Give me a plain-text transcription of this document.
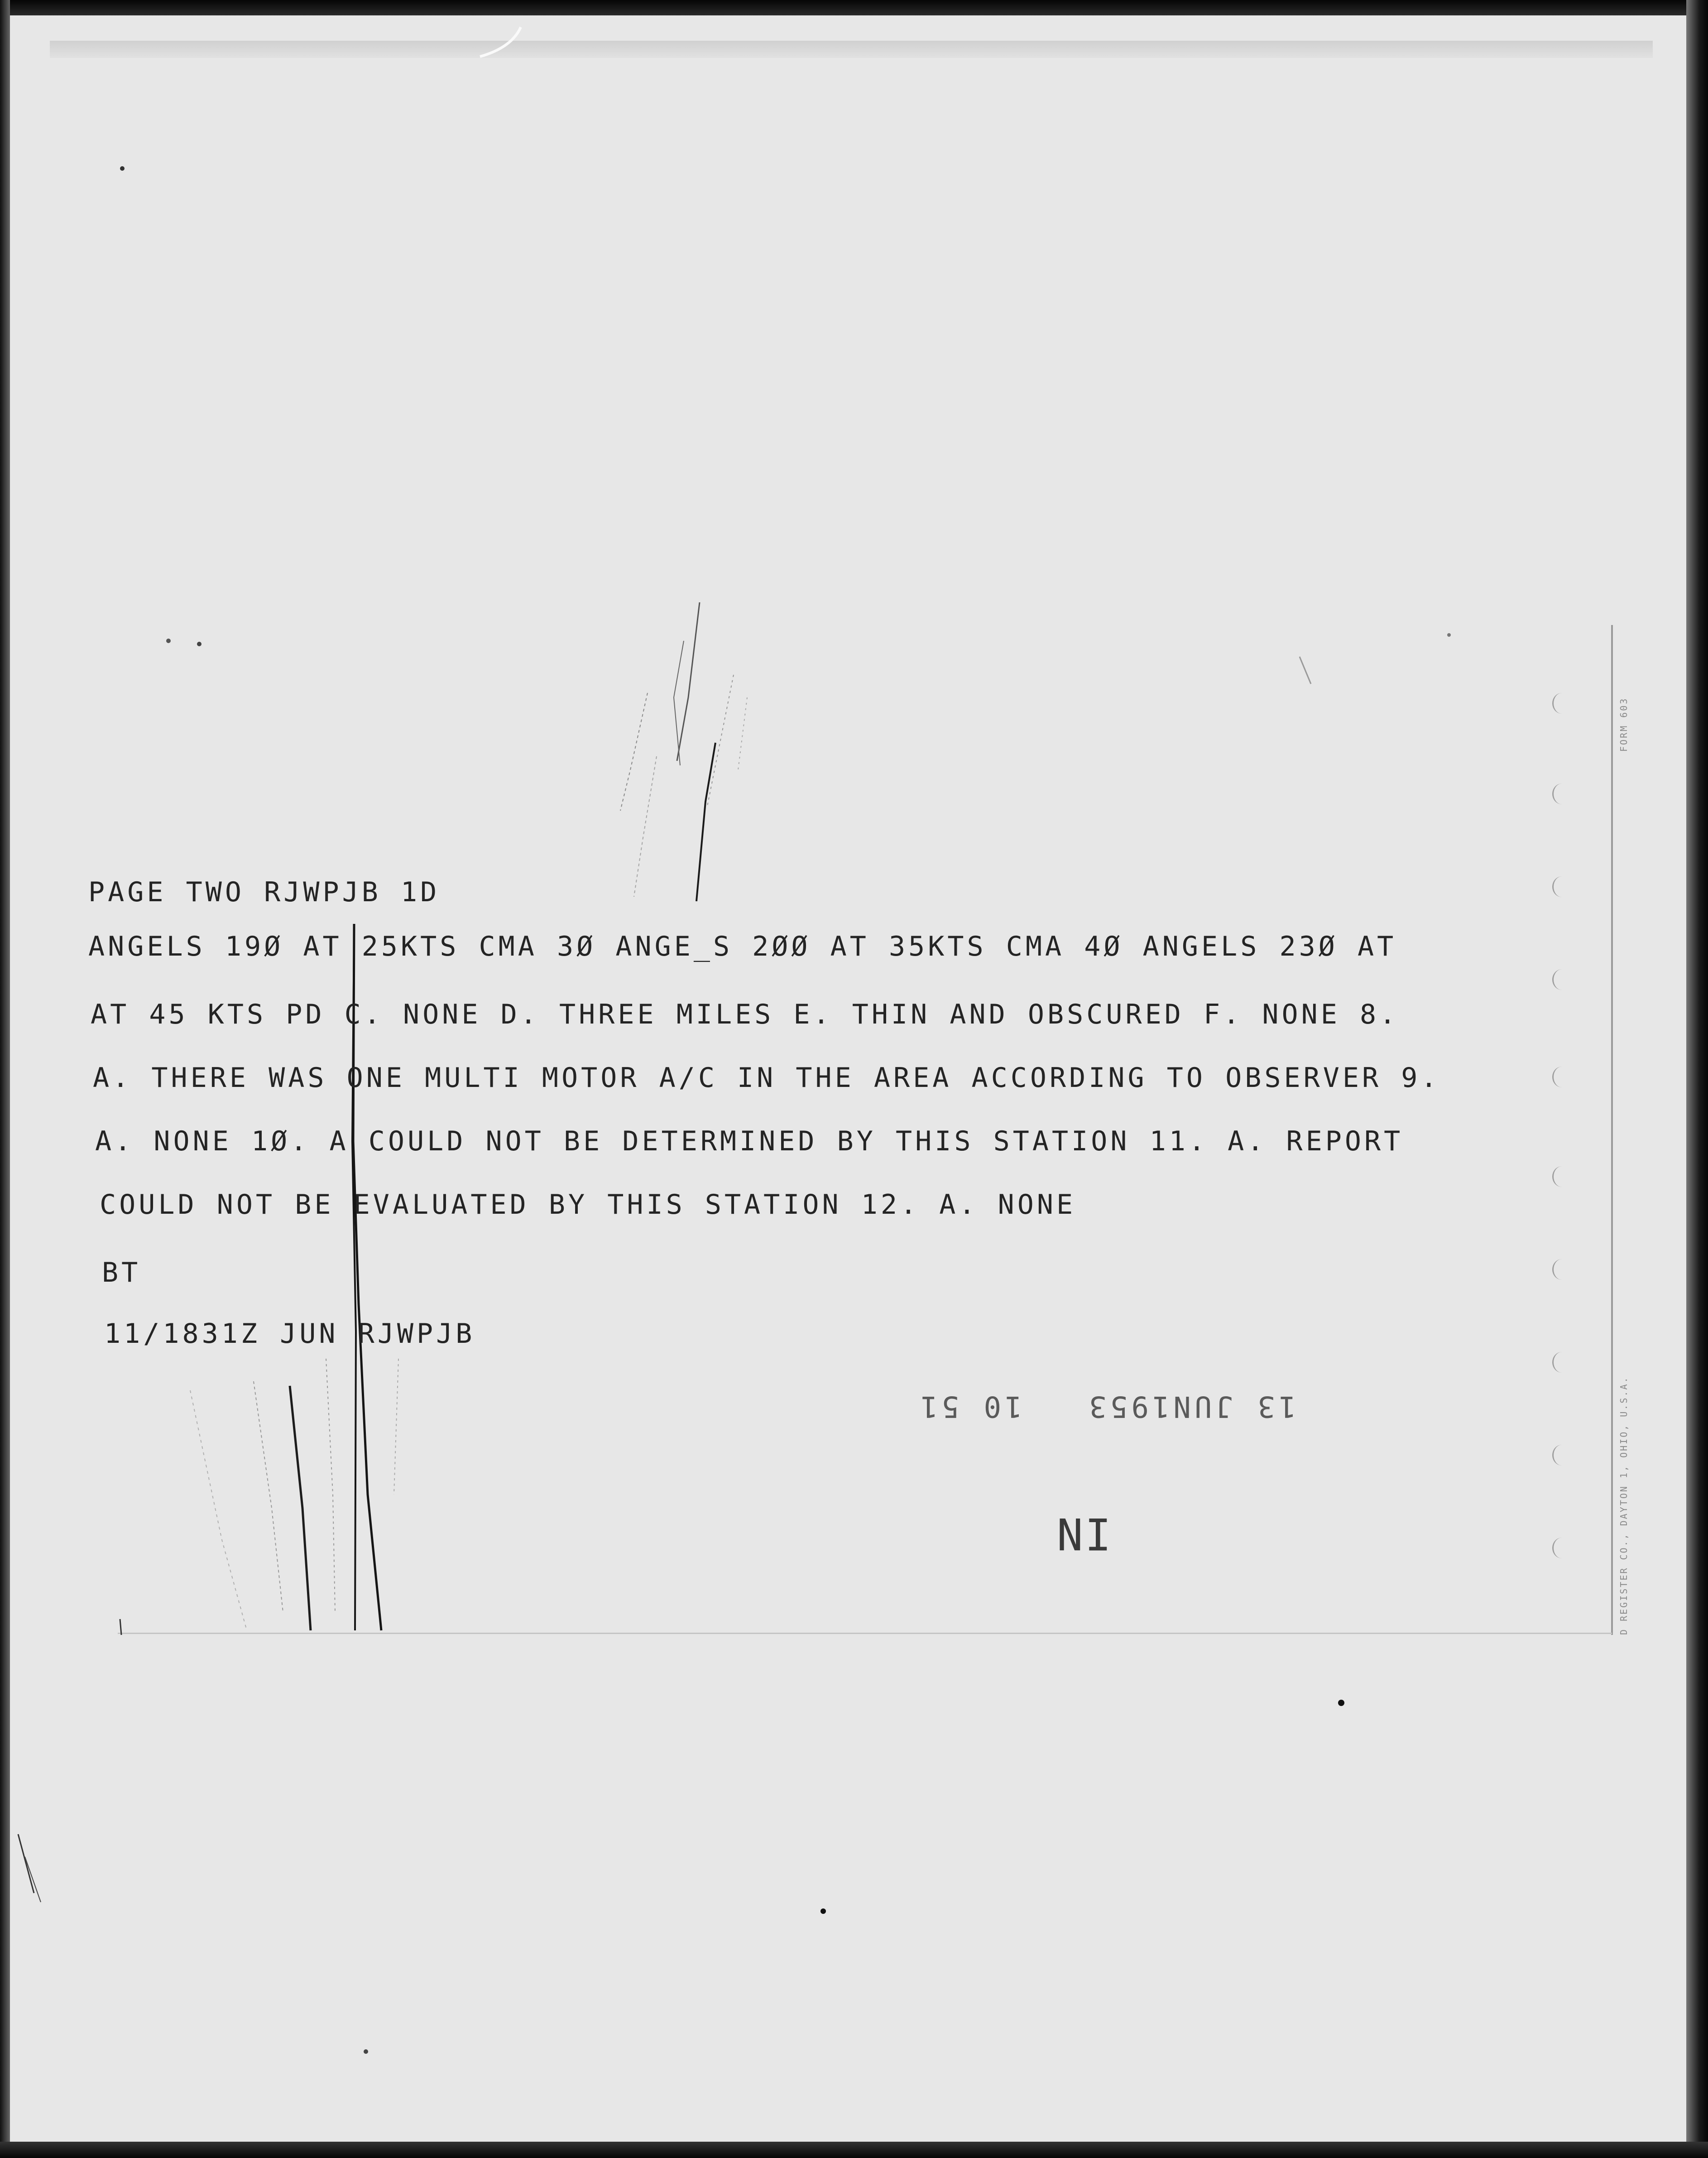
FORM 603
D REGISTER CO., DAYTON 1, OHIO, U.S.A.
PAGE TWO RJWPJB 1D
ANGELS 19Ø AT 25KTS CMA 3Ø ANGE_S 2ØØ AT 35KTS CMA 4Ø ANGELS 23Ø AT
AT 45 KTS PD C. NONE D. THREE MILES E. THIN AND OBSCURED F. NONE 8.
A. THERE WAS ONE MULTI MOTOR A/C IN THE AREA ACCORDING TO OBSERVER 9.
A. NONE 1Ø. A COULD NOT BE DETERMINED BY THIS STATION 11. A. REPORT
COULD NOT BE EVALUATED BY THIS STATION 12. A. NONE
BT
11/1831Z JUN RJWPJB
13 JUN1953   10 51
IN
